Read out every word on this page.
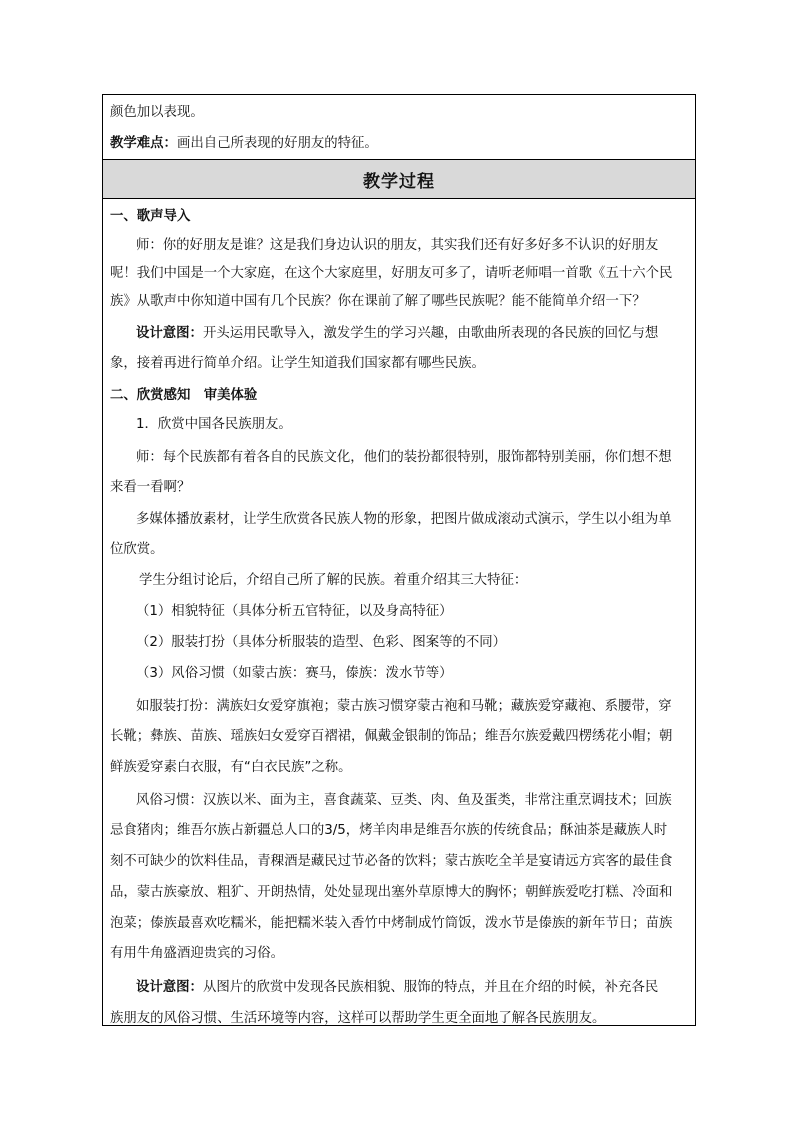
颜色加以表现。
教学难点：画出自己所表现的好朋友的特征。
教学过程
一、歌声导入
师：你的好朋友是谁？这是我们身边认识的朋友，其实我们还有好多好多不认识的好朋友
呢！我们中国是一个大家庭，在这个大家庭里，好朋友可多了，请听老师唱一首歌《五十六个民
族》从歌声中你知道中国有几个民族？你在课前了解了哪些民族呢？能不能简单介绍一下？
设计意图：开头运用民歌导入，激发学生的学习兴趣，由歌曲所表现的各民族的回忆与想
象，接着再进行简单介绍。让学生知道我们国家都有哪些民族。
二、欣赏感知　审美体验
1．欣赏中国各民族朋友。
师：每个民族都有着各自的民族文化，他们的装扮都很特别，服饰都特别美丽，你们想不想
来看一看啊？
多媒体播放素材，让学生欣赏各民族人物的形象，把图片做成滚动式演示，学生以小组为单
位欣赏。
学生分组讨论后，介绍自己所了解的民族。着重介绍其三大特征：
（1）相貌特征（具体分析五官特征，以及身高特征）
（2）服装打扮（具体分析服装的造型、色彩、图案等的不同）
（3）风俗习惯（如蒙古族：赛马，傣族：泼水节等）
如服装打扮：满族妇女爱穿旗袍；蒙古族习惯穿蒙古袍和马靴；藏族爱穿藏袍、系腰带，穿
长靴；彝族、苗族、瑶族妇女爱穿百褶裙，佩戴金银制的饰品；维吾尔族爱戴四楞绣花小帽；朝
鲜族爱穿素白衣服，有“白衣民族”之称。
风俗习惯：汉族以米、面为主，喜食蔬菜、豆类、肉、鱼及蛋类，非常注重烹调技术；回族
忌食猪肉；维吾尔族占新疆总人口的3/5，烤羊肉串是维吾尔族的传统食品；酥油茶是藏族人时
刻不可缺少的饮料佳品，青稞酒是藏民过节必备的饮料；蒙古族吃全羊是宴请远方宾客的最佳食
品，蒙古族豪放、粗犷、开朗热情，处处显现出塞外草原博大的胸怀；朝鲜族爱吃打糕、冷面和
泡菜；傣族最喜欢吃糯米，能把糯米装入香竹中烤制成竹筒饭，泼水节是傣族的新年节日；苗族
有用牛角盛酒迎贵宾的习俗。
设计意图：从图片的欣赏中发现各民族相貌、服饰的特点，并且在介绍的时候，补充各民
族朋友的风俗习惯、生活环境等内容，这样可以帮助学生更全面地了解各民族朋友。
